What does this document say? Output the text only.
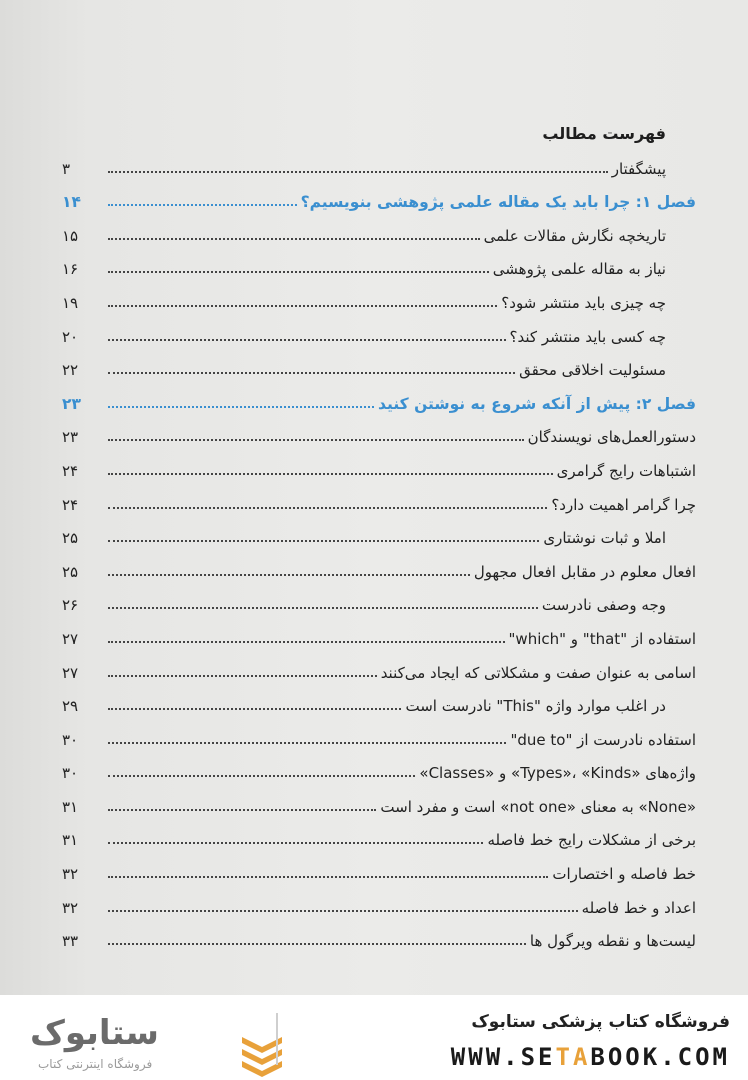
فهرست مطالب
پیشگفتار
۳
فصل ۱: چرا باید یک مقاله علمی پژوهشی بنویسیم؟
۱۴
تاریخچه نگارش مقالات علمی
۱۵
نیاز به مقاله علمی پژوهشی
۱۶
چه چیزی باید منتشر شود؟
۱۹
چه کسی باید منتشر کند؟
۲۰
مسئولیت اخلاقی محقق
۲۲
فصل ۲: پیش از آنکه شروع به نوشتن کنید
۲۳
دستورالعمل‌های نویسندگان
۲۳
اشتباهات رایج گرامری
۲۴
چرا گرامر اهمیت دارد؟
۲۴
املا و ثبات نوشتاری
۲۵
افعال معلوم در مقابل افعال مجهول
۲۵
وجه وصفی نادرست
۲۶
استفاده از "that" و "which"
۲۷
اسامی به عنوان صفت و مشکلاتی که ایجاد می‌کنند
۲۷
در اغلب موارد واژه "This" نادرست است
۲۹
استفاده نادرست از "due to"
۳۰
واژه‌های «Types»، «Kinds» و «Classes»
۳۰
«None» به معنای «not one» است و مفرد است
۳۱
برخی از مشکلات رایج خط فاصله
۳۱
خط فاصله و اختصارات
۳۲
اعداد و خط فاصله
۳۲
لیست‌ها و نقطه ویرگول ها
۳۳
ستابوک
فروشگاه اینترنتی کتاب
فروشگاه کتاب پزشکی ستابوک
WWW.SETABOOK.COM
